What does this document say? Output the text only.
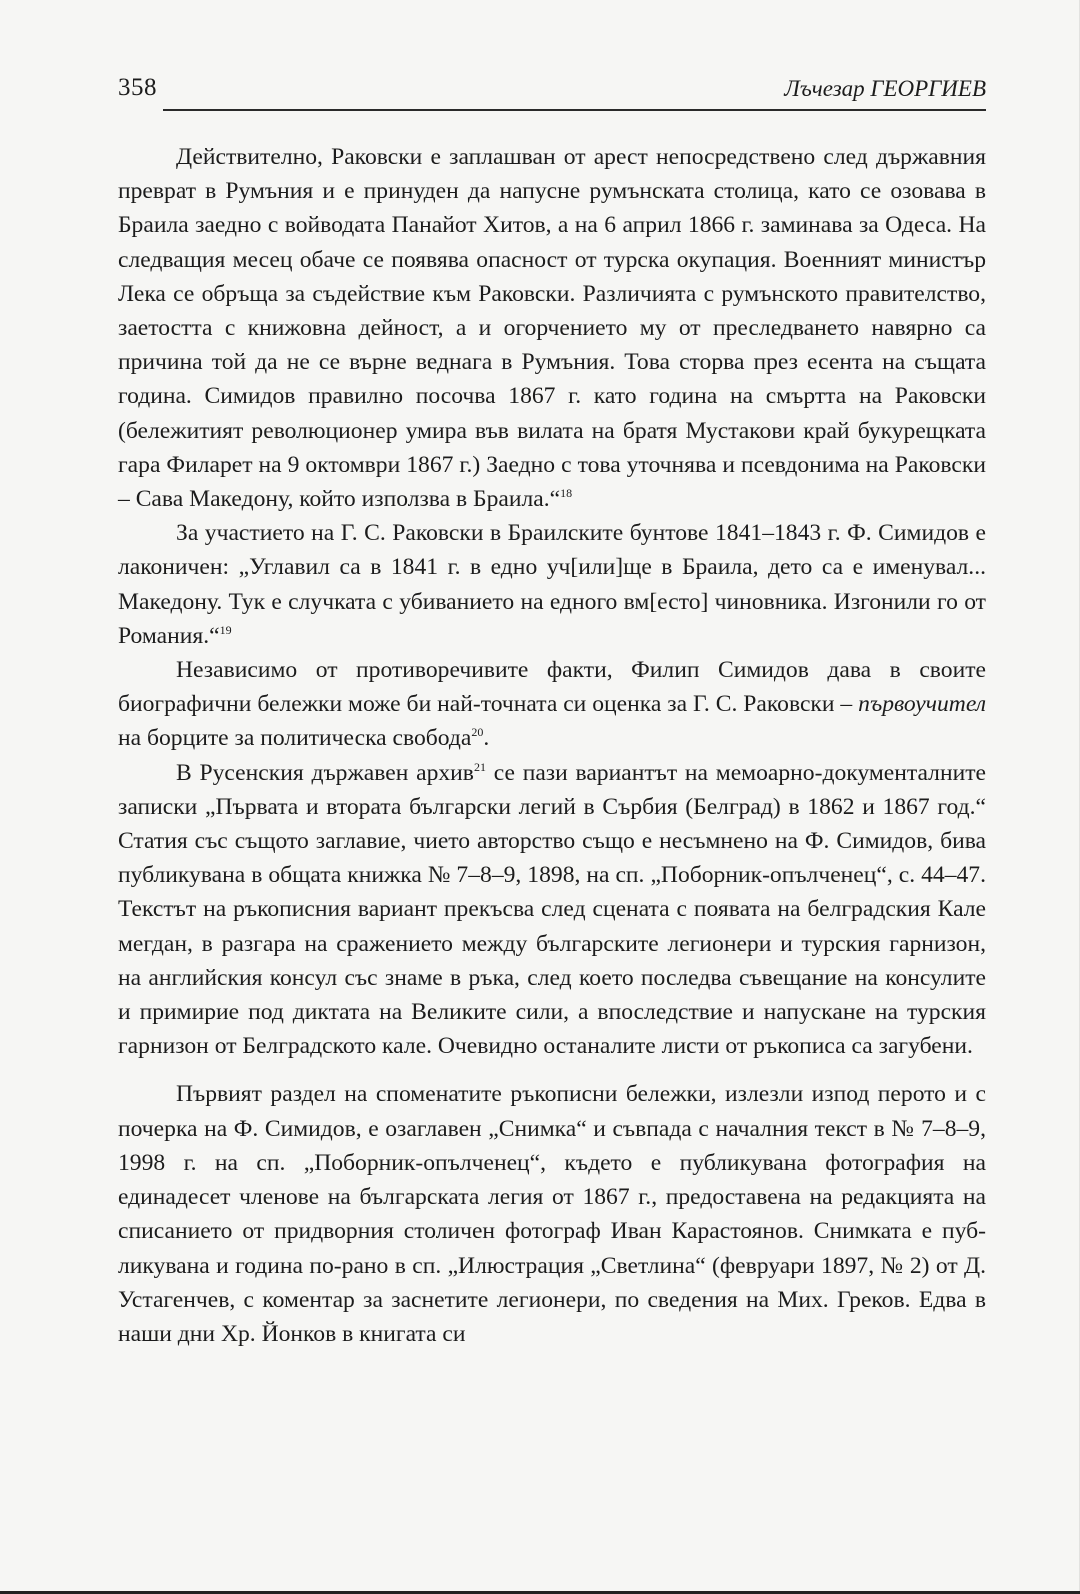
358	Лъчезар ГЕОРГИЕВ

Действително, Раковски е заплашван от арест непосредствено след държавния преврат в Румъния и е принуден да напусне румънската столица, като се озовава в Браила заедно с войводата Панайот Хитов, а на 6 април 1866 г. заминава за Одеса. На следващия месец обаче се появява опасност от турска окупация. Военният министър Лека се обръща за съдействие към Раковски. Различията с румънското правителство, заетостта с книжовна дейност, а и огорчението му от преследването навярно са причина той да не се върне веднага в Румъния. Това сторва през есента на същата година. Симидов правилно посочва 1867 г. като година на смъртта на Раковски (бележитият революционер умира във вилата на братя Мустакови край букурещката гара Филарет на 9 октомври 1867 г.) Заедно с това уточнява и псевдонима на Раковски – Сава Македону, който използва в Браила.“$^{18}$

За участието на Г. С. Раковски в Браилските бунтове 1841–1843 г. Ф. Симидов е лаконичен: „Углавил са в 1841 г. в едно уч[или]ще в Браила, дето са е именувал... Македону. Тук е случката с убиванието на едного вм[есто] чиновника. Изгонили го от Романия.“$^{19}$

Независимо от противоречивите факти, Филип Симидов дава в своите биографични бележки може би най-точната си оценка за Г. С. Раковски – първоучител на борците за политическа свобода$^{20}$.

В Русенския държавен архив$^{21}$ се пази вариантът на мемоарно-документалните записки „Първата и втората български легий в Сърбия (Белград) в 1862 и 1867 год.“ Статия със същото заглавие, чието авторство също е несъмнено на Ф. Симидов, бива публикувана в общата книжка № 7–8–9, 1898, на сп. „Поборник-опълченец“, с. 44–47. Текстът на ръкописния вариант прекъсва след сцената с появата на белградския Кале мегдан, в разгара на сражението между българските легионери и турския гарнизон, на английския консул със знаме в ръка, след което последва съвещание на консулите и примирие под диктата на Великите сили, а впоследствие и напускане на турския гарнизон от Белградското кале. Очевидно останалите листи от ръкописа са загубени.

Първият раздел на споменатите ръкописни бележки, излезли изпод перото и с почерка на Ф. Симидов, е озаглавен „Снимка“ и съвпада с началния текст в № 7–8–9, 1998 г. на сп. „Поборник-опълченец“, където е публикувана фотография на единадесет членове на българската легия от 1867 г., предоставена на редакцията на списанието от придворния столичен фотограф Иван Карастоянов. Снимката е публикувана и година по-рано в сп. „Илюстрация „Светлина“ (февруари 1897, № 2) от Д. Устагенчев, с коментар за заснетите легионери, по сведения на Мих. Греков. Едва в наши дни Хр. Йонков в книгата си
